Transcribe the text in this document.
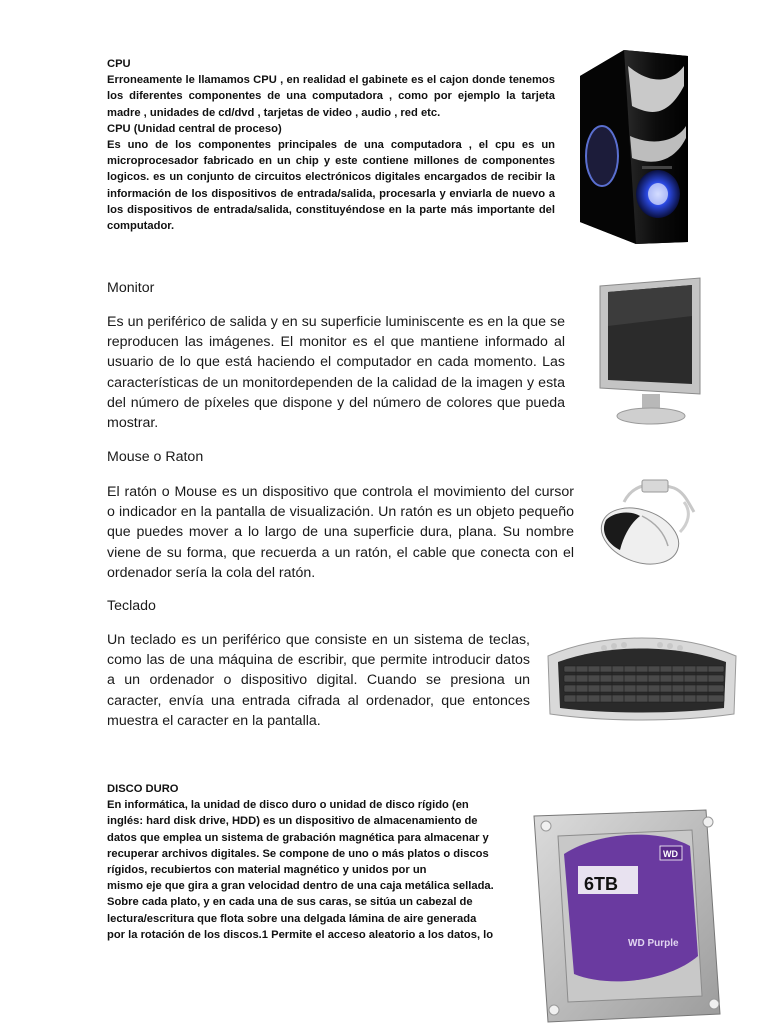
CPU

Erroneamente le llamamos CPU , en realidad el gabinete es el cajon donde tenemos los diferentes componentes de una computadora , como por ejemplo la tarjeta madre , unidades de cd/dvd , tarjetas de video , audio , red etc.

CPU (Unidad central de proceso)

Es uno de los componentes principales de una computadora , el cpu es un microprocesador fabricado en un chip y este contiene millones de componentes logicos. es un conjunto de circuitos electrónicos digitales encargados de recibir la información de los dispositivos de entrada/salida, procesarla y enviarla de nuevo a los dispositivos de entrada/salida, constituyéndose en la parte más importante del computador.

Monitor
Es un periférico de salida y en su superficie luminiscente es en la que se reproducen las imágenes. El monitor es el que mantiene informado al usuario de lo que está haciendo el computador en cada momento. Las características de un monitordependen de la calidad de la imagen y esta del número de píxeles que dispone y del número de colores que pueda mostrar.
Mouse o Raton
El ratón o Mouse es un dispositivo que controla el movimiento del cursor o indicador en la pantalla de visualización. Un ratón es un objeto pequeño que puedes mover a lo largo de una superficie dura, plana. Su nombre viene de su forma, que recuerda a un ratón, el cable que conecta con el ordenador sería la cola del ratón.
Teclado
Un teclado es un periférico que consiste en un sistema de teclas, como las de una máquina de escribir, que permite introducir datos a un ordenador o dispositivo digital. Cuando se presiona un caracter, envía una entrada cifrada al ordenador, que entonces muestra el caracter en la pantalla.

DISCO DURO

En informática, la unidad de disco duro o unidad de disco rígido (en

inglés: hard disk drive, HDD) es un dispositivo de almacenamiento de

datos que emplea un sistema de grabación magnética para almacenar y

recuperar archivos digitales. Se compone de uno o más platos o discos

rígidos, recubiertos con material magnético y unidos por un

mismo eje que gira a gran velocidad dentro de una caja metálica sellada.

Sobre cada plato, y en cada una de sus caras, se sitúa un cabezal de

lectura/escritura que flota sobre una delgada lámina de aire generada

por la rotación de los discos.1 Permite el acceso aleatorio a los datos, lo

6TB
WD
WD Purple
